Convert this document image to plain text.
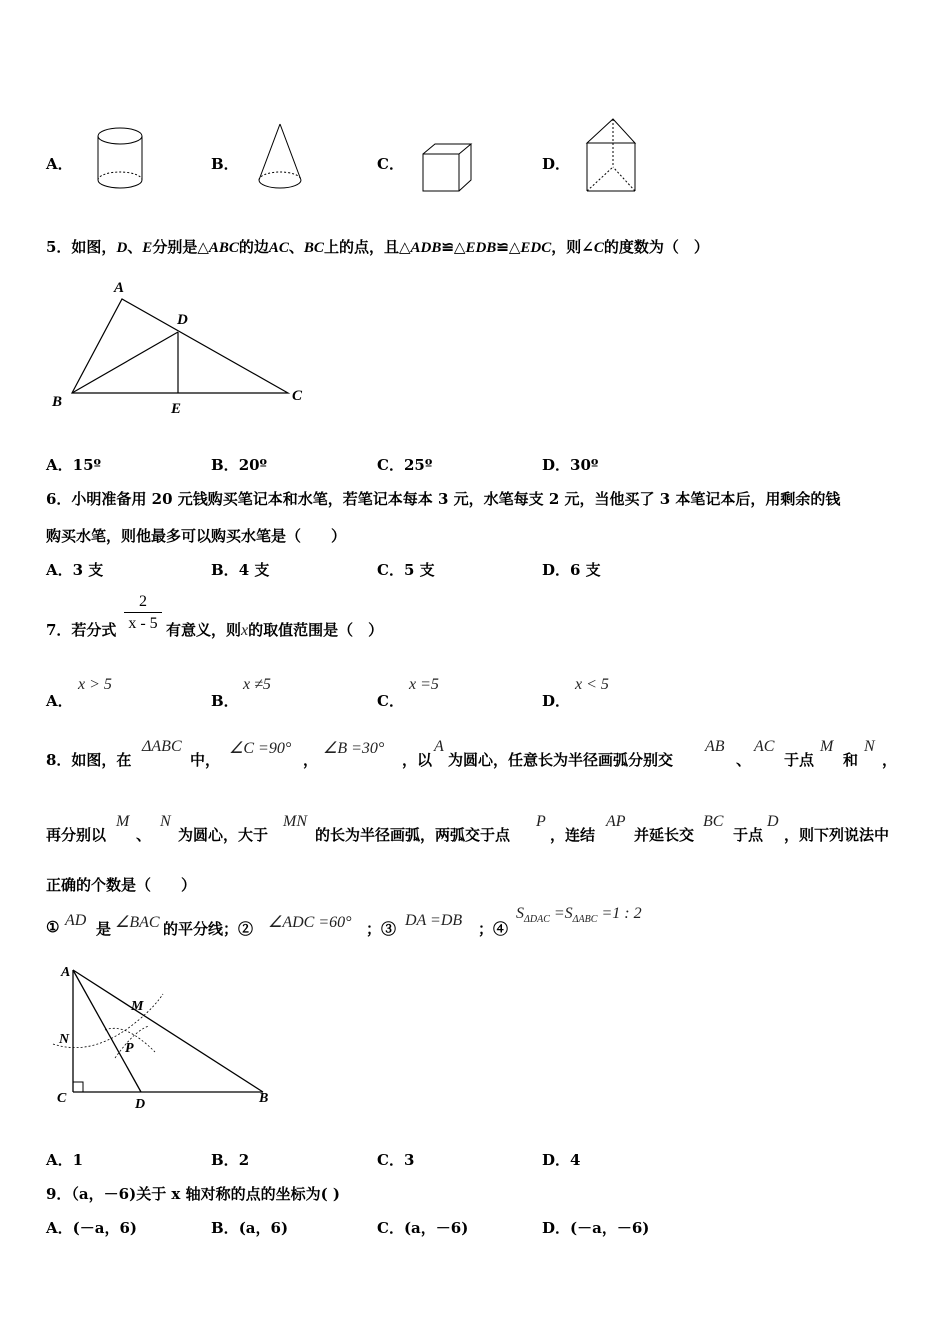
A．	B．	C．	D．
5．如图，D、E分别是△ABC的边AC、BC上的点，且△ADB≌△EDB≌△EDC，则∠C的度数为（　）
A
B	C
D
E
A．15º	B．20º	C．25º	D．30º
6．小明准备用 20 元钱购买笔记本和水笔，若笔记本每本 3 元，水笔每支 2 元，当他买了 3 本笔记本后，用剩余的钱
购买水笔，则他最多可以购买水笔是（　　）
A．3 支	B．4 支	C．5 支	D．6 支
7．若分式 $\frac{2}{x - 5}$ 有意义，则x的取值范围是（　）
A．
x > 5
B．
x ≠5
C．
x =5
D．
x < 5
8．如图，在
ΔABC
中，
∠C =90°
，
∠B =30°
，以
A
为圆心，任意长为半径画弧分别交
AB
、
AC
于点
M
和
N
，
再分别以
M
、
N
为圆心，大于
MN
的长为半径画弧，两弧交于点
P
，连结
AP
并延长交
BC
于点
D
，则下列说法中
正确的个数是（　　）
① AD 是 ∠BAC 的平分线；② ∠ADC =60° ；③ DA =DB ；④
$S_{\Delta DAC} =S_{\Delta ABC} =1$ : 2
A
M
N
P
C	D	B
A．1	B．2	C．3	D．4
9．（a，－6)关于 x 轴对称的点的坐标为( )
A．(－a，6)	B．(a，6)	C．(a，－6)	D．(－a，－6)
